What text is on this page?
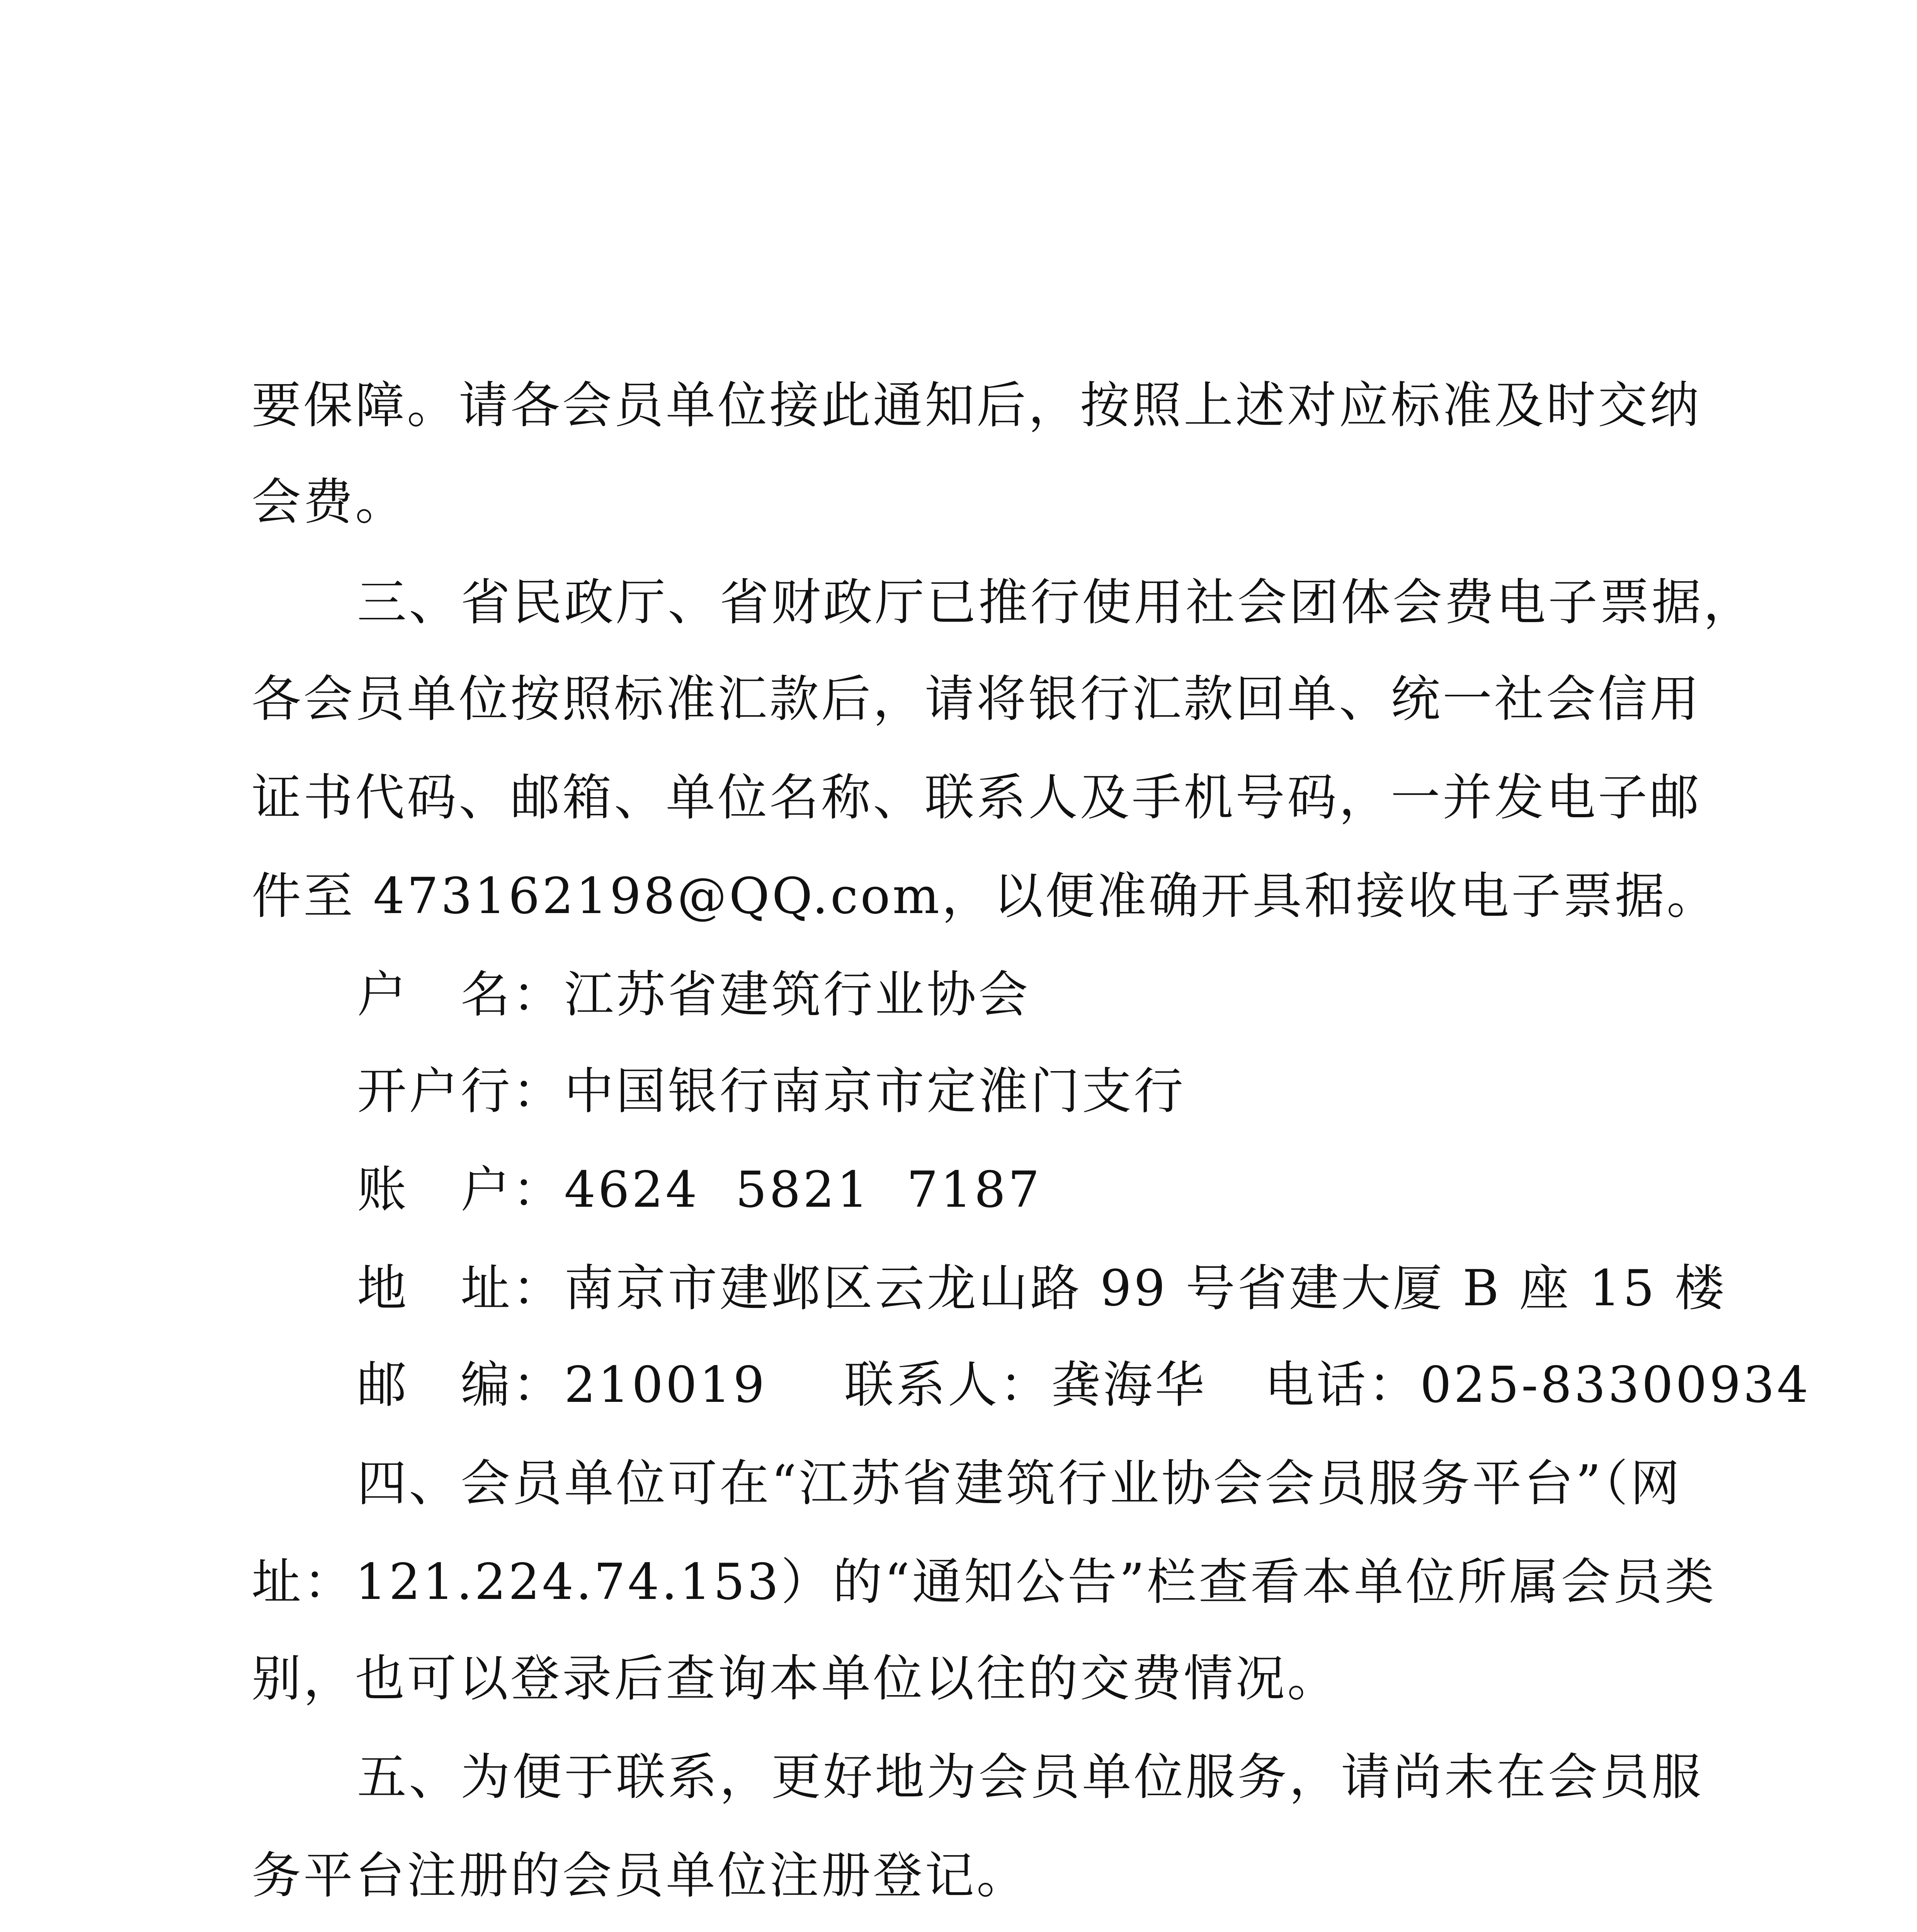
要保障。请各会员单位接此通知后，按照上述对应标准及时交纳
会费。
三、省民政厅、省财政厅已推行使用社会团体会费电子票据，
各会员单位按照标准汇款后，请将银行汇款回单、统一社会信用
证书代码、邮箱、单位名称、联系人及手机号码，一并发电子邮
件至 473162198@QQ.com，以便准确开具和接收电子票据。
户　名：江苏省建筑行业协会
开户行：中国银行南京市定淮门支行
账　户：4624  5821  7187
地　址：南京市建邺区云龙山路 99 号省建大厦 B 座 15 楼
邮　编：210019 联系人：龚海华 电话：025-83300934
四、会员单位可在“江苏省建筑行业协会会员服务平台”（网
址：121.224.74.153）的“通知公告”栏查看本单位所属会员类
别，也可以登录后查询本单位以往的交费情况。
五、为便于联系，更好地为会员单位服务，请尚未在会员服
务平台注册的会员单位注册登记。
